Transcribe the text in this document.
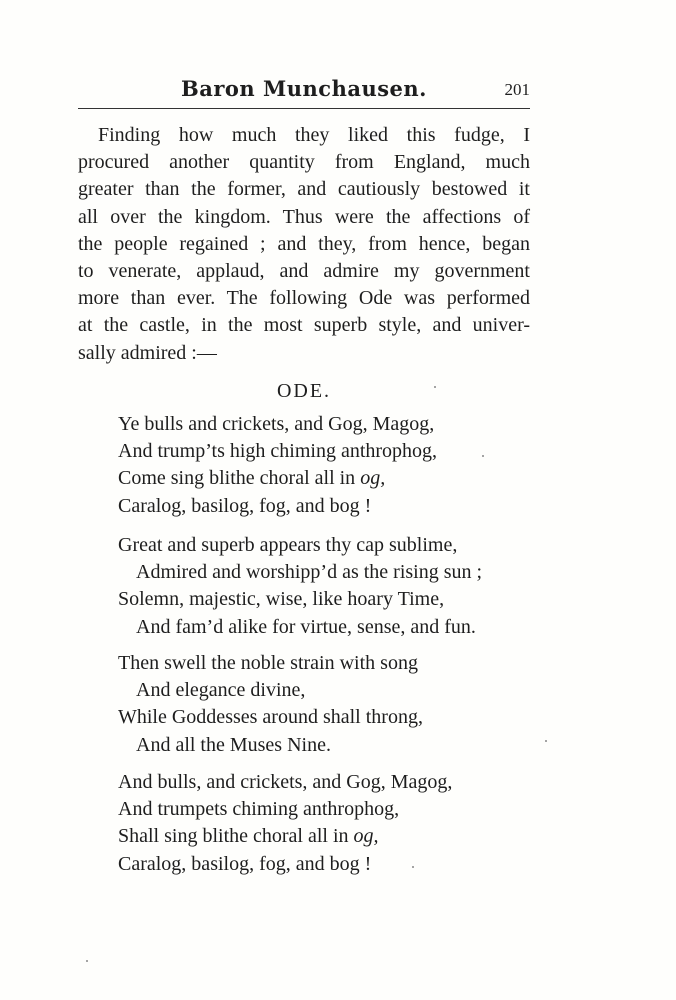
Baron Munchausen.	201
Finding how much they liked this fudge, I
procured another quantity from England, much
greater than the former, and cautiously bestowed it
all over the kingdom. Thus were the affections of
the people regained ; and they, from hence, began
to venerate, applaud, and admire my government
more than ever. The following Ode was performed
at the castle, in the most superb style, and univer-
sally admired :—
ODE.
Ye bulls and crickets, and Gog, Magog,
And trump’ts high chiming anthrophog,
Come sing blithe choral all in og,
Caralog, basilog, fog, and bog !
Great and superb appears thy cap sublime,
Admired and worshipp’d as the rising sun ;
Solemn, majestic, wise, like hoary Time,
And fam’d alike for virtue, sense, and fun.
Then swell the noble strain with song
And elegance divine,
While Goddesses around shall throng,
And all the Muses Nine.
And bulls, and crickets, and Gog, Magog,
And trumpets chiming anthrophog,
Shall sing blithe choral all in og,
Caralog, basilog, fog, and bog !
